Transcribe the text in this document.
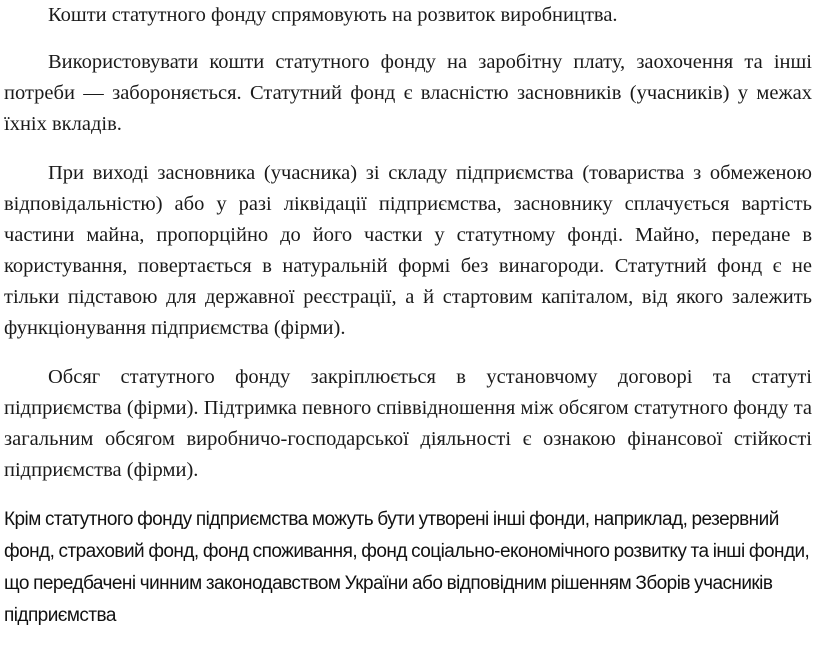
Кошти статутного фонду спрямовують на розвиток виробництва.

Використовувати кошти статутного фонду на заробітну плату, заохочення та інші потреби — забороняється. Статутний фонд є власністю засновників (учасників) у межах їхніх вкладів.

При виході засновника (учасника) зі складу підприємства (товариства з обмеженою відповідальністю) або у разі ліквідації підприємства, засновнику сплачується вартість частини майна, пропорційно до його частки у статутному фонді. Майно, передане в користування, повертається в натуральній формі без винагороди. Статутний фонд є не тільки підставою для державної реєстрації, а й стартовим капіталом, від якого залежить функціонування підприємства (фірми).

Обсяг статутного фонду закріплюється в установчому договорі та статуті підприємства (фірми). Підтримка певного співвідношення між обсягом статутного фонду та загальним обсягом виробничо-господарської діяльності є ознакою фінансової стійкості підприємства (фірми).

Крім статутного фонду підприємства можуть бути утворені інші фонди, наприклад, резервний фонд, страховий фонд, фонд споживання, фонд соціально-економічного розвитку та інші фонди, що передбачені чинним законодавством України або відповідним рішенням Зборів учасників підприємства
